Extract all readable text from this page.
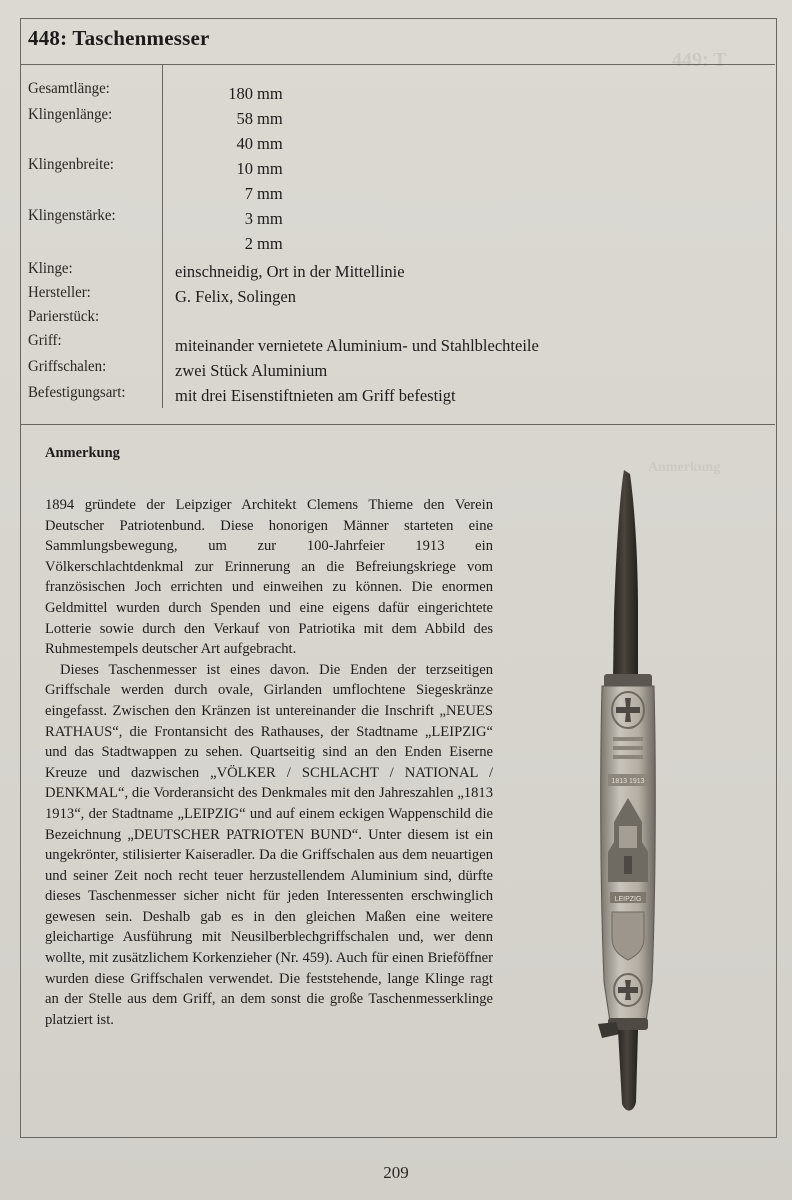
449: T
Anmerkung
448: Taschenmesser
Gesamtlänge:
Klingenlänge:
Klingenbreite:
Klingenstärke:
Klinge:
Hersteller:
Parierstück:
Griff:
Griffschalen:
Befestigungsart:
180 mm
58 mm
40 mm
10 mm
7 mm
3 mm
2 mm
einschneidig, Ort in der Mittellinie
G. Felix, Solingen
miteinander vernietete Aluminium- und Stahlblechteile
zwei Stück Aluminium
mit drei Eisenstiftnieten am Griff befestigt
Anmerkung

1894 gründete der Leipziger Architekt Clemens Thieme den Verein Deutscher Patriotenbund. Diese honorigen Männer starteten eine Sammlungsbewegung, um zur 100-Jahrfeier 1913 ein Völkerschlachtdenkmal zur Erinnerung an die Befreiungskriege vom französischen Joch errichten und einweihen zu können. Die enormen Geldmittel wurden durch Spenden und eine eigens dafür eingerichtete Lotterie sowie durch den Verkauf von Patriotika mit dem Abbild des Ruhmestempels deutscher Art aufgebracht.

Dieses Taschenmesser ist eines davon. Die Enden der terzseitigen Griffschale werden durch ovale, Girlanden umflochtene Siegeskränze eingefasst. Zwischen den Kränzen ist untereinander die Inschrift „NEUES RATHAUS“, die Frontansicht des Rathauses, der Stadtname „LEIPZIG“ und das Stadtwappen zu sehen. Quartseitig sind an den Enden Eiserne Kreuze und dazwischen „VÖLKER / SCHLACHT / NATIONAL / DENKMAL“, die Vorderansicht des Denkmales mit den Jahreszahlen „1813 1913“, der Stadtname „LEIPZIG“ und auf einem eckigen Wappenschild die Bezeichnung „DEUTSCHER PATRIOTEN BUND“. Unter diesem ist ein ungekrönter, stilisierter Kaiseradler. Da die Griffschalen aus dem neuartigen und seiner Zeit noch recht teuer herzustellendem Aluminium sind, dürfte dieses Taschenmesser sicher nicht für jeden Interessenten erschwinglich gewesen sein. Deshalb gab es in den gleichen Maßen eine weitere gleichartige Ausführung mit Neusilberblechgriffschalen und, wer denn wollte, mit zusätzlichem Korkenzieher (Nr. 459). Auch für einen Brieföffner wurden diese Griffschalen verwendet. Die feststehende, lange Klinge ragt an der Stelle aus dem Griff, an dem sonst die große Taschenmesserklinge platziert ist.

1813 1913
LEIPZIG
209
